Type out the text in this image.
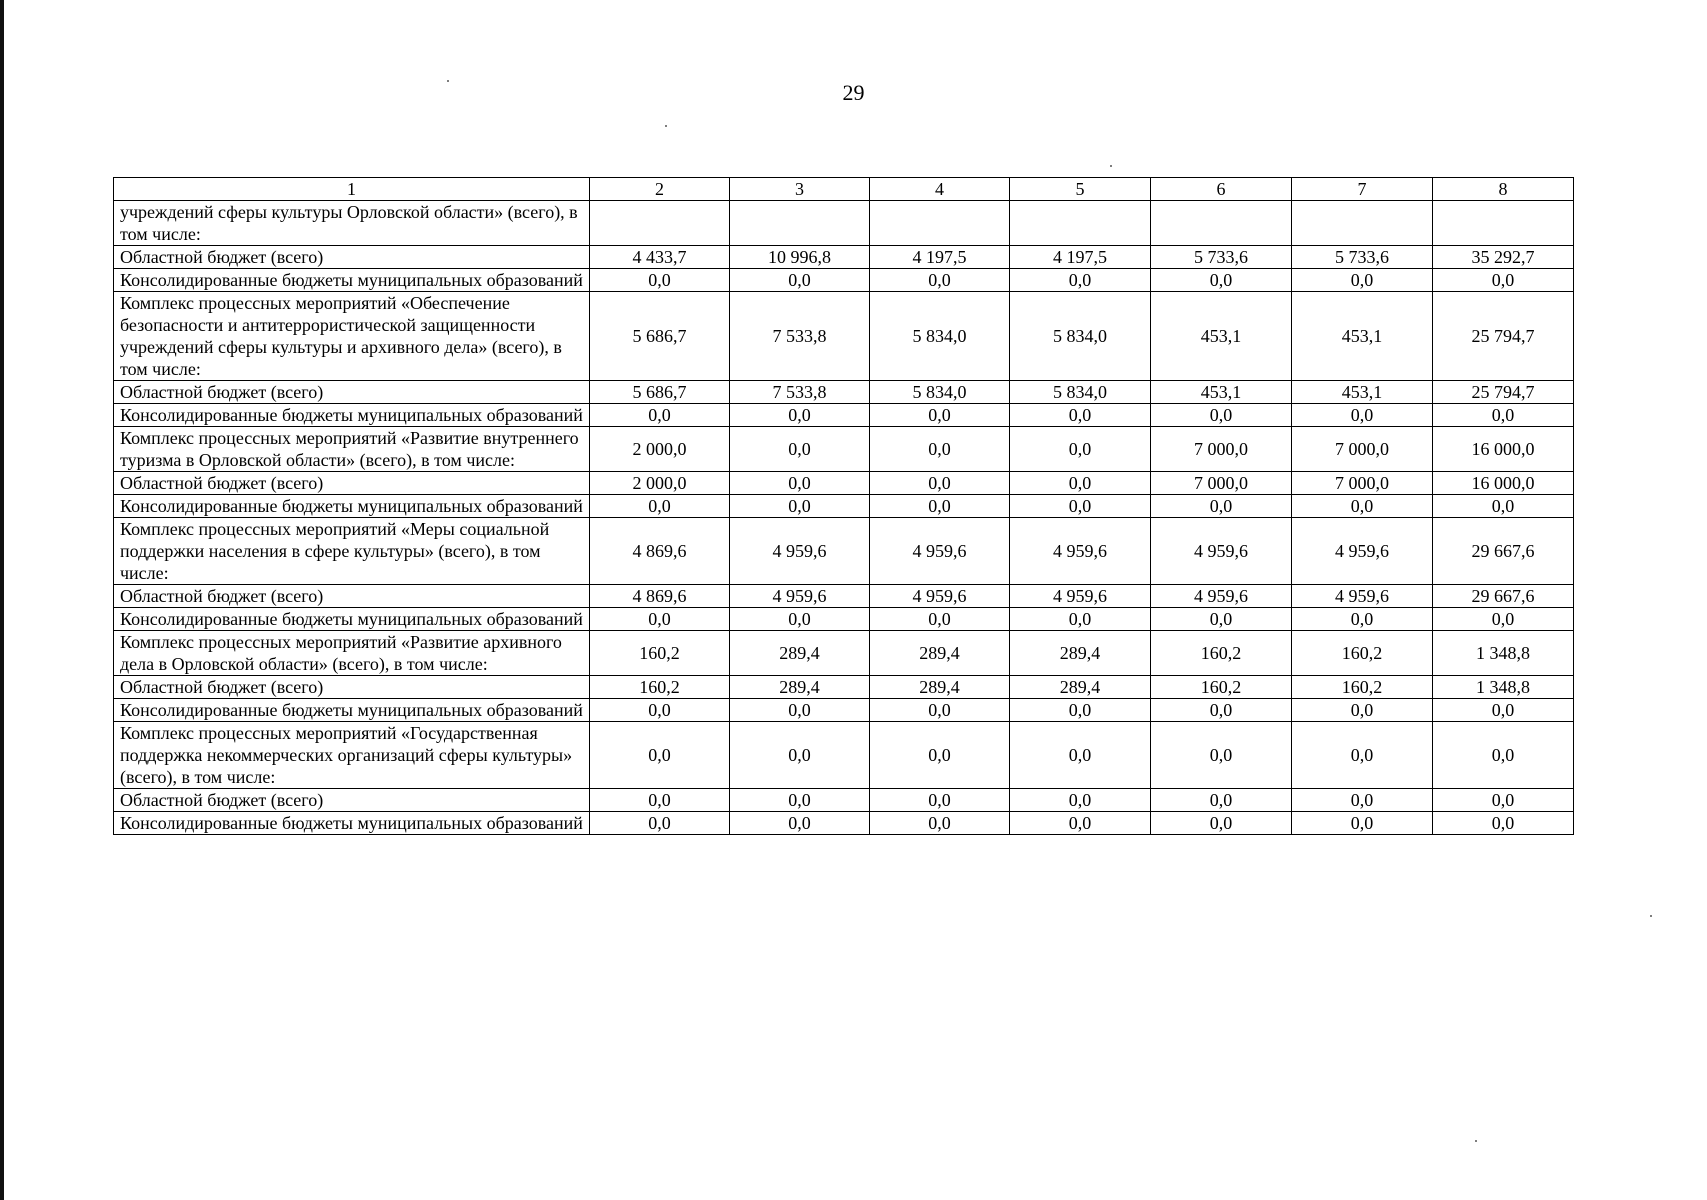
29
1	2	3	4	5	6	7	8
учреждений сферы культуры Орловской области» (всего), в том числе:							
Областной бюджет (всего)	4 433,7	10 996,8	4 197,5	4 197,5	5 733,6	5 733,6	35 292,7
Консолидированные бюджеты муниципальных образований	0,0	0,0	0,0	0,0	0,0	0,0	0,0
Комплекс процессных мероприятий «Обеспечение безопасности и антитеррористической защищенности учреждений сферы культуры и архивного дела» (всего), в том числе:	5 686,7	7 533,8	5 834,0	5 834,0	453,1	453,1	25 794,7
Областной бюджет (всего)	5 686,7	7 533,8	5 834,0	5 834,0	453,1	453,1	25 794,7
Консолидированные бюджеты муниципальных образований	0,0	0,0	0,0	0,0	0,0	0,0	0,0
Комплекс процессных мероприятий «Развитие внутреннего туризма в Орловской области» (всего), в том числе:	2 000,0	0,0	0,0	0,0	7 000,0	7 000,0	16 000,0
Областной бюджет (всего)	2 000,0	0,0	0,0	0,0	7 000,0	7 000,0	16 000,0
Консолидированные бюджеты муниципальных образований	0,0	0,0	0,0	0,0	0,0	0,0	0,0
Комплекс процессных мероприятий «Меры социальной поддержки населения в сфере культуры» (всего), в том числе:	4 869,6	4 959,6	4 959,6	4 959,6	4 959,6	4 959,6	29 667,6
Областной бюджет (всего)	4 869,6	4 959,6	4 959,6	4 959,6	4 959,6	4 959,6	29 667,6
Консолидированные бюджеты муниципальных образований	0,0	0,0	0,0	0,0	0,0	0,0	0,0
Комплекс процессных мероприятий «Развитие архивного дела в Орловской области» (всего), в том числе:	160,2	289,4	289,4	289,4	160,2	160,2	1 348,8
Областной бюджет (всего)	160,2	289,4	289,4	289,4	160,2	160,2	1 348,8
Консолидированные бюджеты муниципальных образований	0,0	0,0	0,0	0,0	0,0	0,0	0,0
Комплекс процессных мероприятий «Государственная поддержка некоммерческих организаций сферы культуры» (всего), в том числе:	0,0	0,0	0,0	0,0	0,0	0,0	0,0
Областной бюджет (всего)	0,0	0,0	0,0	0,0	0,0	0,0	0,0
Консолидированные бюджеты муниципальных образований	0,0	0,0	0,0	0,0	0,0	0,0	0,0
